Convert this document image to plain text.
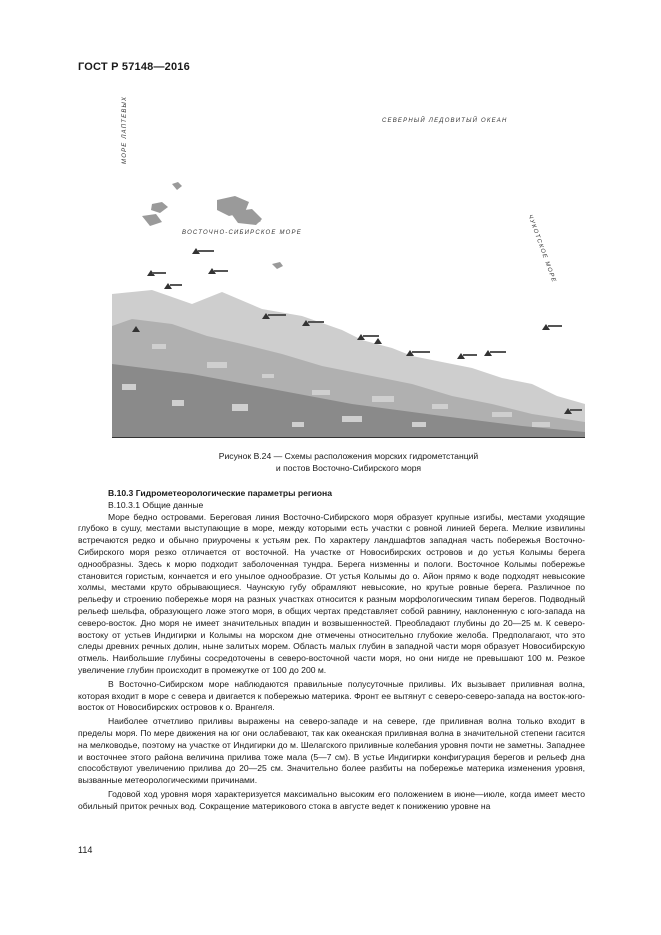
ГОСТ Р 57148—2016
СЕВЕРНЫЙ ЛЕДОВИТЫЙ ОКЕАН
ВОСТОЧНО-СИБИРСКОЕ МОРЕ	ЧУКОТСКОЕ МОРЕ
МОРЕ ЛАПТЕВЫХ
Рисунок В.24 — Схемы расположения морских гидрометстанций
и постов Восточно-Сибирского моря
В.10.3 Гидрометеорологические параметры региона
В.10.3.1 Общие данные

Море бедно островами. Береговая линия Восточно-Сибирского моря образует крупные изгибы, местами уходящие глубоко в сушу, местами выступающие в море, между которыми есть участки с ровной линией берега. Мелкие извилины встречаются редко и обычно приурочены к устьям рек. По характеру ландшафтов западная часть побережья Восточно-Сибирского моря резко отличается от восточной. На участке от Новосибирских островов и до устья Колымы берега однообразны. Здесь к морю подходит заболоченная тундра. Берега низменны и пологи. Восточное Колымы побережье становится гористым, кончается и его унылое однообразие. От устья Колымы до о. Айон прямо к воде подходят невысокие холмы, местами круто обрывающиеся. Чаунскую губу обрамляют невысокие, но крутые ровные берега. Различное по рельефу и строению побережье моря на разных участках относится к разным морфологическим типам берегов. Подводный рельеф шельфа, образующего ложе этого моря, в общих чертах представляет собой равнину, наклоненную с юго-запада на северо-восток. Дно моря не имеет значительных впадин и возвышенностей. Преобладают глубины до 20—25 м. К северо-востоку от устьев Индигирки и Колымы на морском дне отмечены относительно глубокие желоба. Предполагают, что это следы древних речных долин, ныне залитых морем. Область малых глубин в западной части моря образует Новосибирскую отмель. Наибольшие глубины сосредоточены в северо-восточной части моря, но они нигде не превышают 100 м. Резкое увеличение глубин происходит в промежутке от 100 до 200 м.

В Восточно-Сибирском море наблюдаются правильные полусуточные приливы. Их вызывает приливная волна, которая входит в море с севера и двигается к побережью материка. Фронт ее вытянут с северо-северо-запада на восток-юго-восток от Новосибирских островов к о. Врангеля.

Наиболее отчетливо приливы выражены на северо-западе и на севере, где приливная волна только входит в пределы моря. По мере движения на юг они ослабевают, так как океанская приливная волна в значительной степени гасится на мелководье, поэтому на участке от Индигирки до м. Шелагского приливные колебания уровня почти не заметны. Западнее и восточнее этого района величина прилива тоже мала (5—7 см). В устье Индигирки конфигурация берегов и рельеф дна способствуют увеличению прилива до 20—25 см. Значительно более разбиты на побережье материка изменения уровня, вызванные метеорологическими причинами.

Годовой ход уровня моря характеризуется максимально высоким его положением в июне—июле, когда имеет место обильный приток речных вод. Сокращение материкового стока в августе ведет к понижению уровне на

114
